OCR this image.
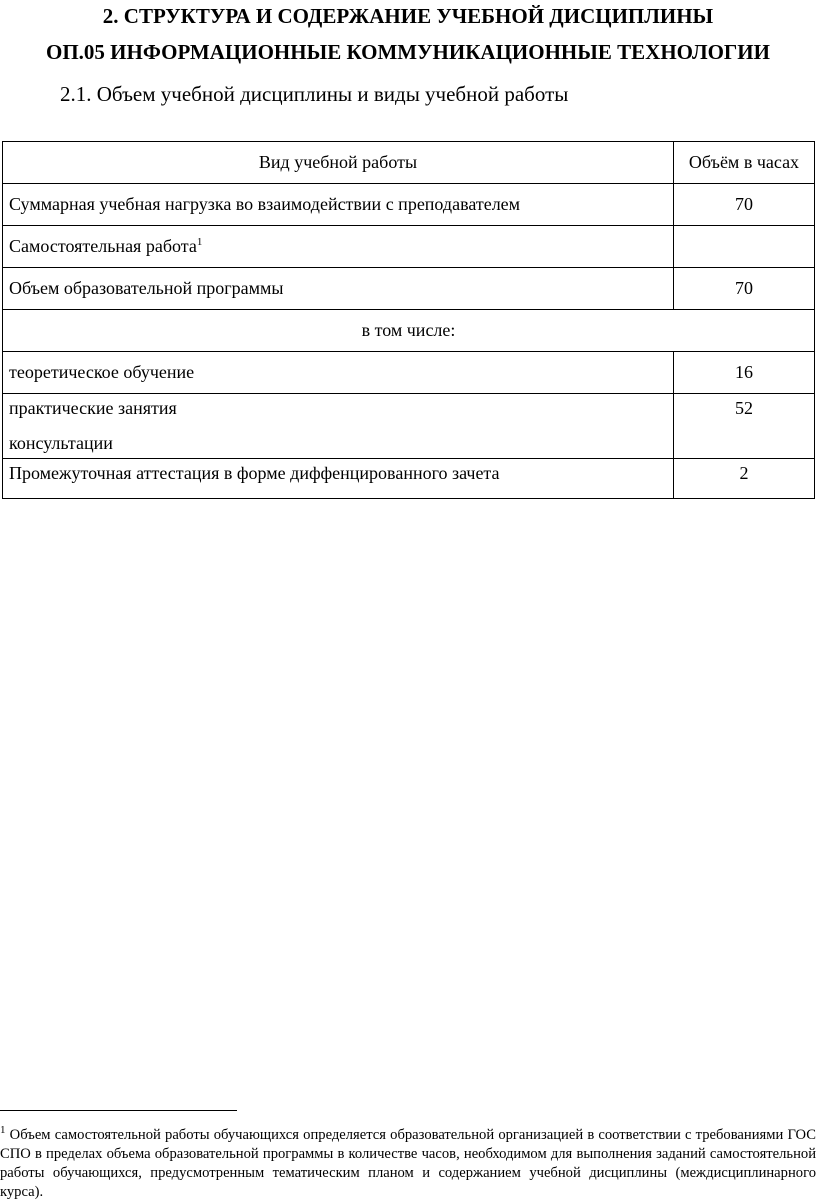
2. СТРУКТУРА И СОДЕРЖАНИЕ УЧЕБНОЙ ДИСЦИПЛИНЫ
ОП.05 ИНФОРМАЦИОННЫЕ КОММУНИКАЦИОННЫЕ ТЕХНОЛОГИИ
2.1. Объем учебной дисциплины и виды учебной работы
Вид учебной работы	Объём в часах
Суммарная учебная нагрузка во взаимодействии с преподавателем	70
Самостоятельная работа$^1$	
Объем образовательной программы	70
в том числе:	
теоретическое обучение	16
практические занятия	52
консультации	
Промежуточная аттестация в форме диффенцированного зачета	2
$^1$ Объем самостоятельной работы обучающихся определяется образовательной организацией в соответствии с требованиями ГОС СПО в пределах объема образовательной программы в количестве часов, необходимом для выполнения заданий самостоятельной работы обучающихся, предусмотренным тематическим планом и содержанием учебной дисциплины (междисциплинарного курса).
